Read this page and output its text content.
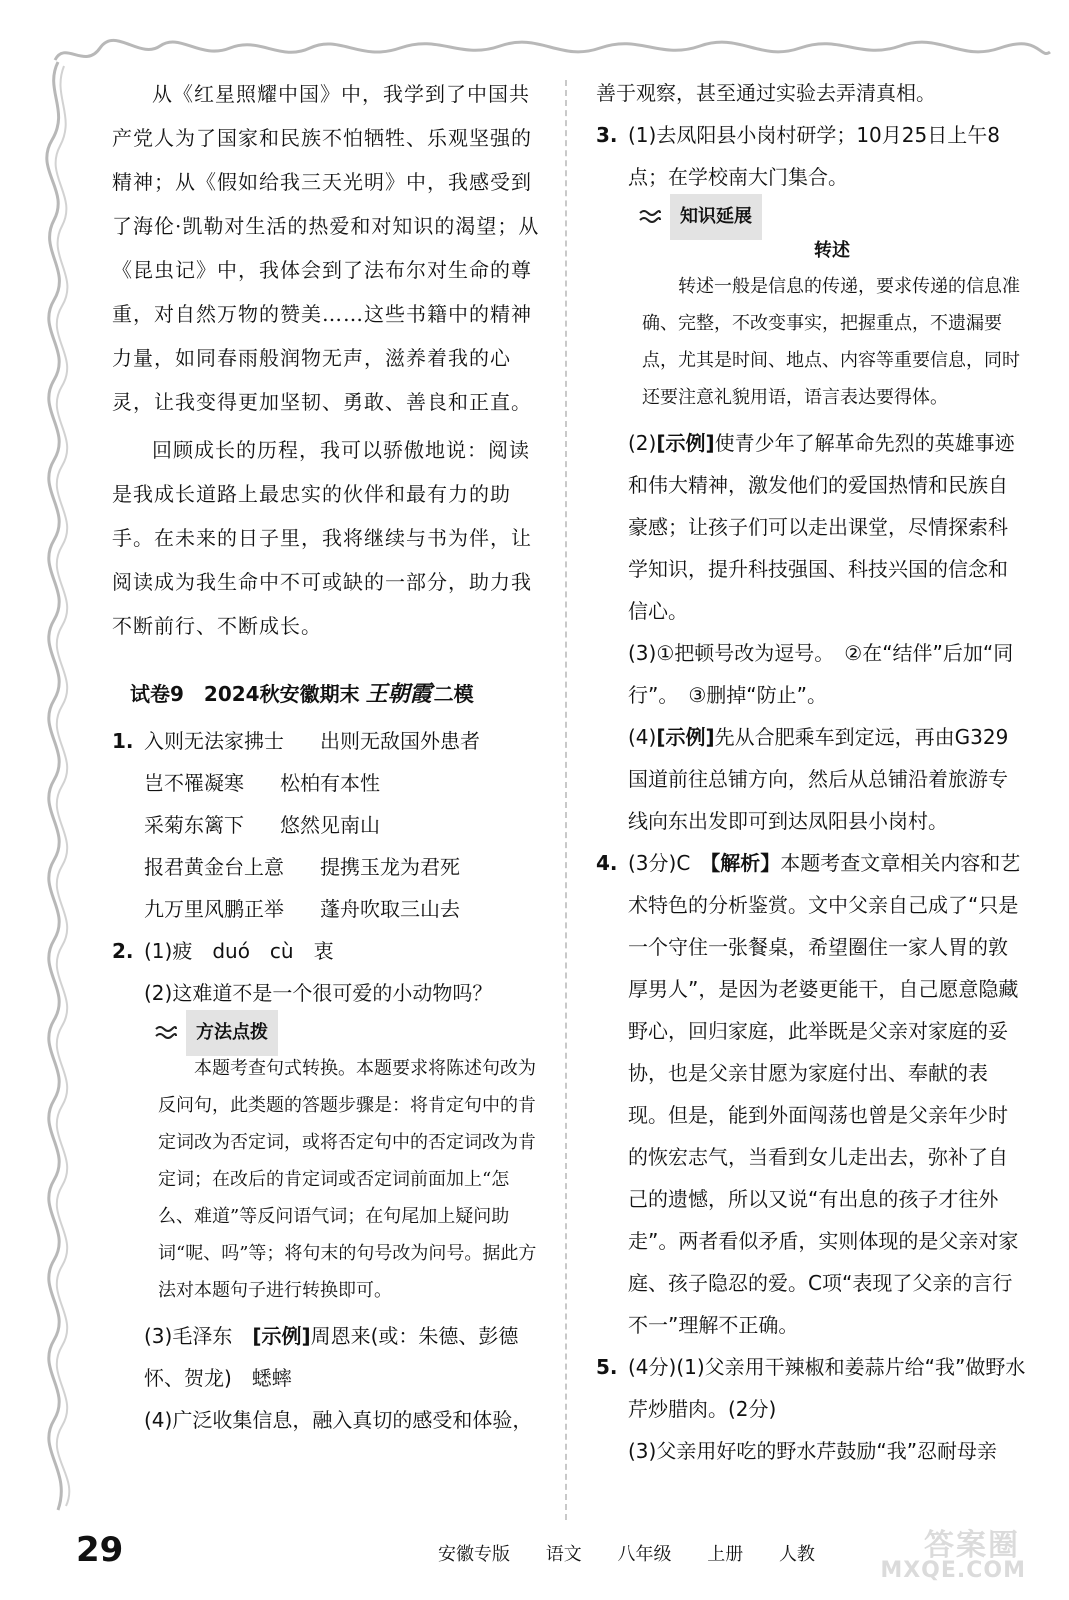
从《红星照耀中国》中，我学到了中国共产党人为了国家和民族不怕牺牲、乐观坚强的精神；从《假如给我三天光明》中，我感受到了海伦·凯勒对生活的热爱和对知识的渴望；从《昆虫记》中，我体会到了法布尔对生命的尊重，对自然万物的赞美……这些书籍中的精神力量，如同春雨般润物无声，滋养着我的心灵，让我变得更加坚韧、勇敢、善良和正直。

回顾成长的历程，我可以骄傲地说：阅读是我成长道路上最忠实的伙伴和最有力的助手。在未来的日子里，我将继续与书为伴，让阅读成为我生命中不可或缺的一部分，助力我不断前行、不断成长。

试卷9　2024秋安徽期末 王朝霞 二模
1. 入则无法家拂士 出则无敌国外患者
岂不罹凝寒 松柏有本性
采菊东篱下 悠然见南山
报君黄金台上意 提携玉龙为君死
九万里风鹏正举 蓬舟吹取三山去
2. (1)疲　duó　cù　衷
(2)这难道不是一个很可爱的小动物吗？
方法点拨
本题考查句式转换。本题要求将陈述句改为反问句，此类题的答题步骤是：将肯定句中的肯定词改为否定词，或将否定句中的否定词改为肯定词；在改后的肯定词或否定词前面加上“怎么、难道”等反问语气词；在句尾加上疑问助词“呢、吗”等；将句末的句号改为问号。据此方法对本题句子进行转换即可。
(3)毛泽东　[示例]周恩来(或：朱德、彭德怀、贺龙)　蟋蟀
(4)广泛收集信息，融入真切的感受和体验，
善于观察，甚至通过实验去弄清真相。
3. (1)去凤阳县小岗村研学；10月25日上午8点；在学校南大门集合。
知识延展
转述
转述一般是信息的传递，要求传递的信息准确、完整，不改变事实，把握重点，不遗漏要点，尤其是时间、地点、内容等重要信息，同时还要注意礼貌用语，语言表达要得体。
(2)[示例]使青少年了解革命先烈的英雄事迹和伟大精神，激发他们的爱国热情和民族自豪感；让孩子们可以走出课堂，尽情探索科学知识，提升科技强国、科技兴国的信念和信心。
(3)①把顿号改为逗号。　②在“结伴”后加“同行”。　③删掉“防止”。
(4)[示例]先从合肥乘车到定远，再由G329国道前往总铺方向，然后从总铺沿着旅游专线向东出发即可到达凤阳县小岗村。
4. (3分)C　【解析】本题考查文章相关内容和艺术特色的分析鉴赏。文中父亲自己成了“只是一个守住一张餐桌，希望圈住一家人胃的敦厚男人”，是因为老婆更能干，自己愿意隐藏野心，回归家庭，此举既是父亲对家庭的妥协，也是父亲甘愿为家庭付出、奉献的表现。但是，能到外面闯荡也曾是父亲年少时的恢宏志气，当看到女儿走出去，弥补了自己的遗憾，所以又说“有出息的孩子才往外走”。两者看似矛盾，实则体现的是父亲对家庭、孩子隐忍的爱。C项“表现了父亲的言行不一”理解不正确。
5. (4分)(1)父亲用干辣椒和姜蒜片给“我”做野水芹炒腊肉。(2分)
(3)父亲用好吃的野水芹鼓励“我”忍耐母亲
29	安徽专版 语文 八年级 上册 人教	答案圈
MXQE.COM
